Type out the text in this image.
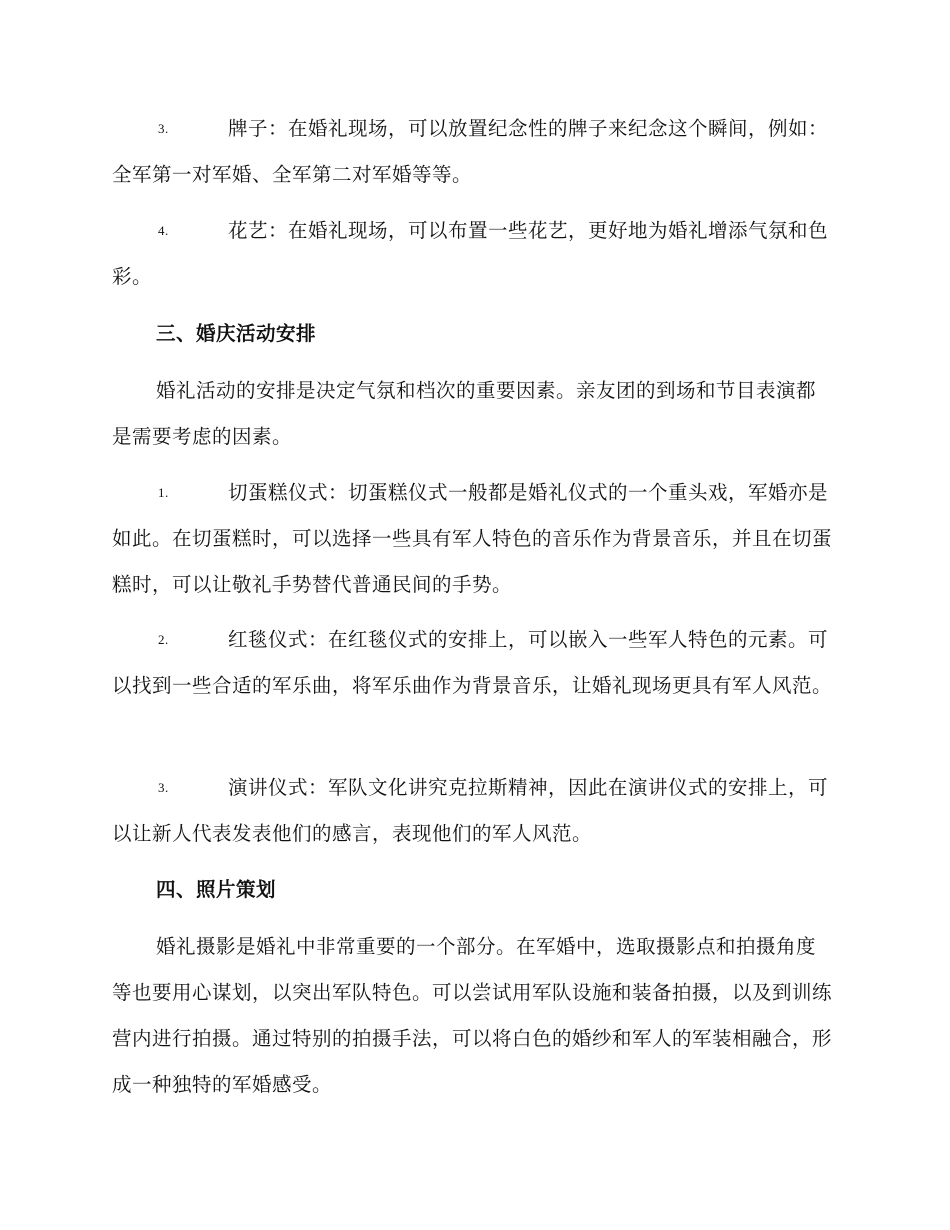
3.	牌子：在婚礼现场，可以放置纪念性的牌子来纪念这个瞬间，例如：全军第一对军婚、全军第二对军婚等等。
4.	花艺：在婚礼现场，可以布置一些花艺，更好地为婚礼增添气氛和色彩。
三、婚庆活动安排
婚礼活动的安排是决定气氛和档次的重要因素。亲友团的到场和节目表演都是需要考虑的因素。
1.	切蛋糕仪式：切蛋糕仪式一般都是婚礼仪式的一个重头戏，军婚亦是如此。在切蛋糕时，可以选择一些具有军人特色的音乐作为背景音乐，并且在切蛋糕时，可以让敬礼手势替代普通民间的手势。
2.	红毯仪式：在红毯仪式的安排上，可以嵌入一些军人特色的元素。可以找到一些合适的军乐曲，将军乐曲作为背景音乐，让婚礼现场更具有军人风范。
3.	演讲仪式：军队文化讲究克拉斯精神，因此在演讲仪式的安排上，可以让新人代表发表他们的感言，表现他们的军人风范。
四、照片策划
婚礼摄影是婚礼中非常重要的一个部分。在军婚中，选取摄影点和拍摄角度等也要用心谋划，以突出军队特色。可以尝试用军队设施和装备拍摄，以及到训练营内进行拍摄。通过特别的拍摄手法，可以将白色的婚纱和军人的军装相融合，形成一种独特的军婚感受。
